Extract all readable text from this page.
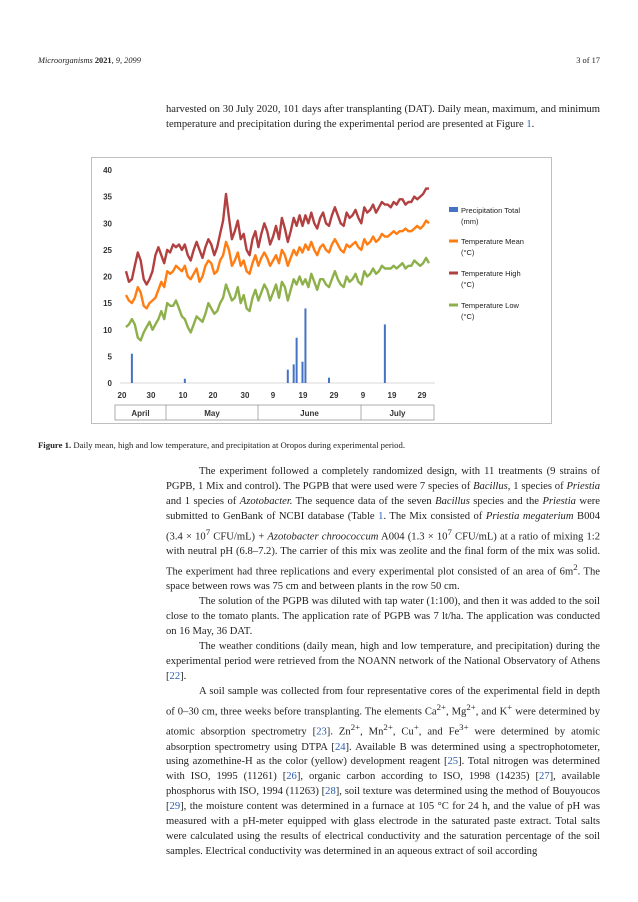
Microorganisms 2021, 9, 2099	3 of 17
harvested on 30 July 2020, 101 days after transplanting (DAT). Daily mean, maximum, and minimum temperature and precipitation during the experimental period are presented at Figure 1.
0
5
10
15
20
25
30
35
40
20	30	10	20	30	9	19	29	9	19	29
April	May	June	July
Precipitation Total
(mm)
Temperature Mean
(°C)
Temperature High
(°C)
Temperature Low
(°C)
Figure 1. Daily mean, high and low temperature, and precipitation at Oropos during experimental period.

The experiment followed a completely randomized design, with 11 treatments (9 strains of PGPB, 1 Mix and control). The PGPB that were used were 7 species of Bacillus, 1 species of Priestia and 1 species of Azotobacter. The sequence data of the seven Bacillus species and the Priestia were submitted to GenBank of NCBI database (Table 1. The Mix consisted of Priestia megaterium B004 ($3.4 \times 10^7$ CFU/mL) + Azotobacter chroococcum A004 ($1.3 \times 10^7$ CFU/mL) at a ratio of mixing 1:2 with neutral pH (6.8–7.2). The carrier of this mix was zeolite and the final form of the mix was solid. The experiment had three replications and every experimental plot consisted of an area of $6m^2$. The space between rows was 75 cm and between plants in the row 50 cm.

The solution of the PGPB was diluted with tap water (1:100), and then it was added to the soil close to the tomato plants. The application rate of PGPB was 7 lt/ha. The application was conducted on 16 May, 36 DAT.

The weather conditions (daily mean, high and low temperature, and precipitation) during the experimental period were retrieved from the NOANN network of the National Observatory of Athens [22].

A soil sample was collected from four representative cores of the experimental field in depth of 0–30 cm, three weeks before transplanting. The elements $Ca^{2+}$, $Mg^{2+}$, and K+ were determined by atomic absorption spectrometry [23]. $Zn^{2+}$, $Mn^{2+}$, Cu+, and $Fe^{3+}$ were determined by atomic absorption spectrometry using DTPA [24]. Available B was determined using a spectrophotometer, using azomethine-H as the color (yellow) development reagent [25]. Total nitrogen was determined with ISO, 1995 (11261) [26], organic carbon according to ISO, 1998 (14235) [27], available phosphorus with ISO, 1994 (11263) [28], soil texture was determined using the method of Bouyoucos [29], the moisture content was determined in a furnace at 105 °C for 24 h, and the value of pH was measured with a pH-meter equipped with glass electrode in the saturated paste extract. Total salts were calculated using the results of electrical conductivity and the saturation percentage of the soil samples. Electrical conductivity was determined in an aqueous extract of soil according
